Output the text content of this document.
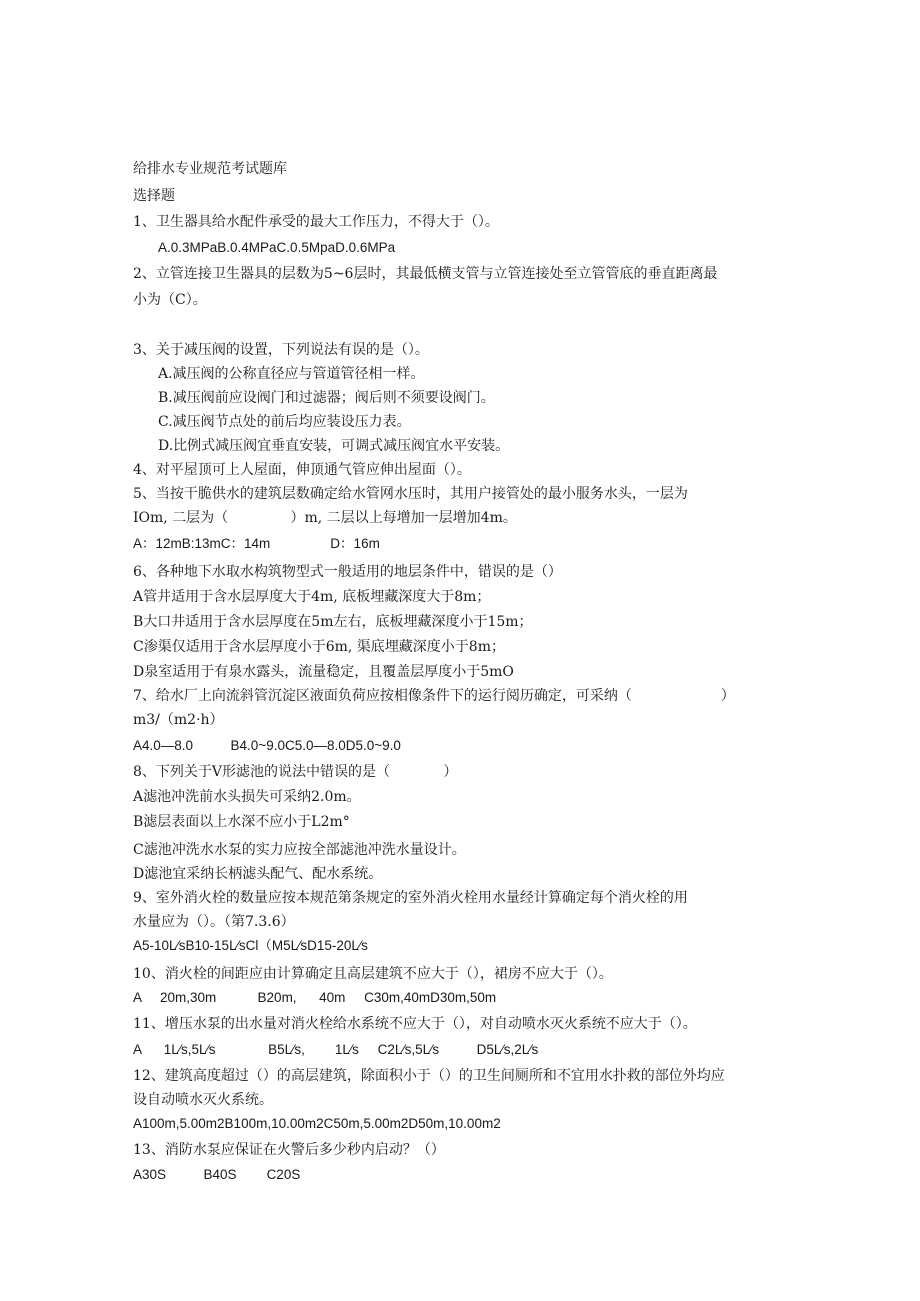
给排水专业规范考试题库
选择题
1、卫生器具给水配件承受的最大工作压力，不得大于（）。
A.0.3MPaB.0.4MPaC.0.5MpaD.0.6MPa
2、立管连接卫生器具的层数为5~6层时，其最低横支管与立管连接处至立管管底的垂直距离最
小为（C）。
3、关于减压阀的设置，下列说法有误的是（）。
A.减压阀的公称直径应与管道管径相一样。
B.减压阀前应设阀门和过滤器；阀后则不须要设阀门。
C.减压阀节点处的前后均应装设压力表。
D.比例式减压阀宜垂直安装，可调式减压阀宜水平安装。
4、对平屋顶可上人屋面，伸顶通气管应伸出屋面（）。
5、当按干脆供水的建筑层数确定给水管网水压时，其用户接管处的最小服务水头，一层为
IOm, 二层为（              ）m, 二层以上每增加一层增加4m。
A：12mB:13mC：14m                D：16m
6、各种地下水取水构筑物型式一般适用的地层条件中，错误的是（）
A管井适用于含水层厚度大于4m, 底板埋藏深度大于8m；
B大口井适用于含水层厚度在5m左右，底板埋藏深度小于15m；
C渗渠仅适用于含水层厚度小于6m, 渠底埋藏深度小于8m；
D泉室适用于有泉水露头，流量稳定，且覆盖层厚度小于5mO
7、给水厂上向流斜管沉淀区液面负荷应按相像条件下的运行阅历确定，可采纳（                    ）
m3/（m2·h）
A4.0—8.0          B4.0~9.0C5.0—8.0D5.0~9.0
8、下列关于V形滤池的说法中错误的是（            ）
A滤池冲洗前水头损失可采纳2.0m。
B滤层表面以上水深不应小于L2m°
C滤池冲洗水水泵的实力应按全部滤池冲洗水量设计。
D滤池宜采纳长柄滤头配气、配水系统。
9、室外消火栓的数量应按本规范第条规定的室外消火栓用水量经计算确定每个消火栓的用
水量应为（）。（第7.3.6）
A5-10L⁄sB10-15L⁄sCl（M5L⁄sD15-20L⁄s
10、消火栓的间距应由计算确定且高层建筑不应大于（），裙房不应大于（）。
A     20m,30m           B20m,      40m     C30m,40mD30m,50m
11、增压水泵的出水量对消火栓给水系统不应大于（），对自动喷水灭火系统不应大于（）。
A      1L⁄s,5L⁄s              B5L⁄s,        1L⁄s     C2L⁄s,5L⁄s          D5L⁄s,2L⁄s
12、建筑高度超过（）的高层建筑，除面积小于（）的卫生间厕所和不宜用水扑救的部位外均应
设自动喷水灭火系统。
A100m,5.00m2B100m,10.00m2C50m,5.00m2D50m,10.00m2
13、消防水泵应保证在火警后多少秒内启动？（）
A30S          B40S        C20S
